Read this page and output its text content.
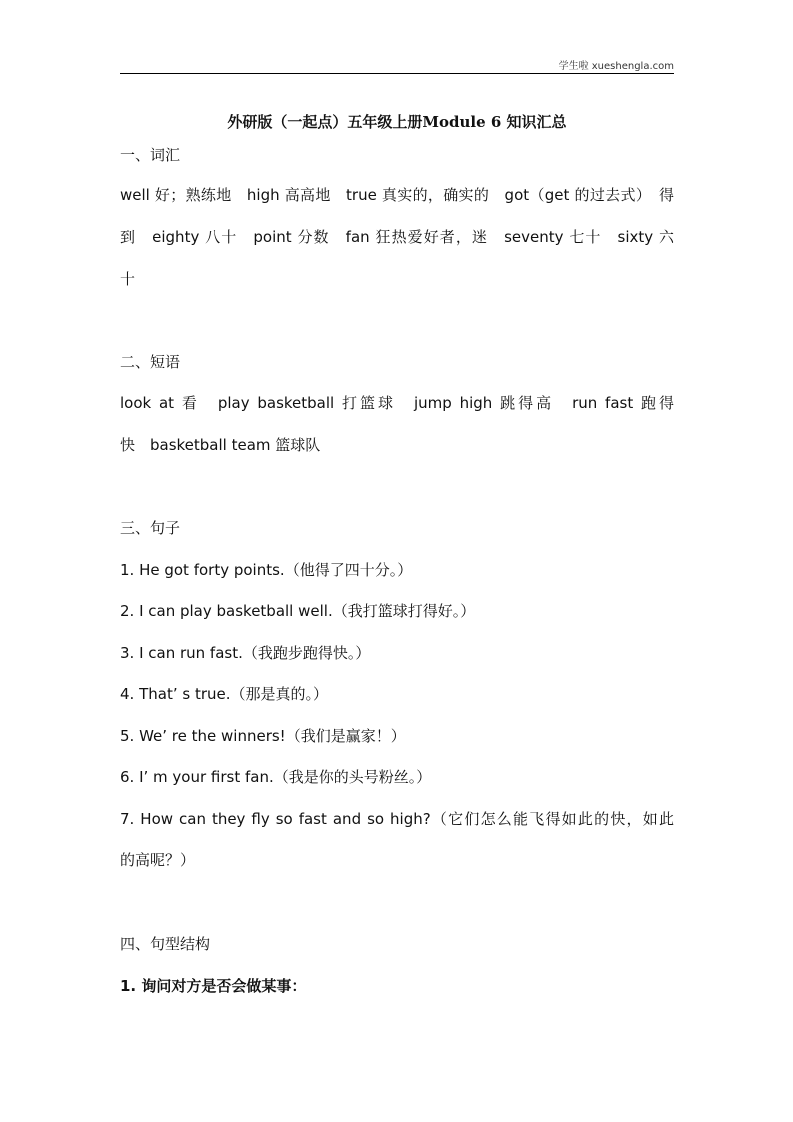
学生啦 xueshengla.com
外研版（一起点）五年级上册Module 6 知识汇总
一、词汇
well 好；熟练地　high 高高地　true 真实的，确实的　got（get 的过去式）　得
到　eighty 八十　point 分数　fan 狂热爱好者，迷　seventy 七十　sixty 六
十
二、短语
look at 看　play basketball 打篮球　jump high 跳得高　run fast 跑得
快　basketball team 篮球队
三、句子
1. He got forty points.（他得了四十分。）
2. I can play basketball well.（我打篮球打得好。）
3. I can run fast.（我跑步跑得快。）
4. That’ s true.（那是真的。）
5. We’ re the winners!（我们是赢家！）
6. I’ m your first fan.（我是你的头号粉丝。）
7. How can they fly so fast and so high?（它们怎么能飞得如此的快，如此
的高呢？）
四、句型结构
1. 询问对方是否会做某事：
